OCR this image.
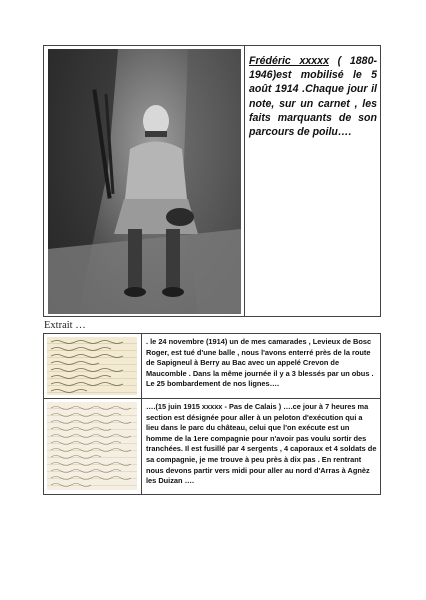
Frédéric xxxxx ( 1880-1946)est mobilisé le 5 août 1914 .Chaque jour il note, sur un carnet , les faits marquants de son parcours de poilu….
Extrait …
. le 24 novembre (1914) un de mes camarades , Levieux de Bosc Roger, est tué d'une balle , nous l'avons enterré près de la route de Sapigneul à Berry au Bac avec un appelé Crevon de Maucomble . Dans la même journée il y a 3 blessés par un obus . Le 25 bombardement de nos lignes….
….(15 juin 1915 xxxxx - Pas de Calais ) ….ce jour à 7 heures ma section est désignée pour aller à un peloton d'exécution qui a lieu dans le parc du château, celui que l'on exécute est un homme de la 1ere compagnie pour n'avoir pas voulu sortir des tranchées. Il est fusillé par 4 sergents , 4 caporaux et 4 soldats de sa compagnie, je me trouve à peu près à dix pas . En rentrant nous devons partir vers midi pour aller au nord d'Arras à Agnèz les Duizan ….
